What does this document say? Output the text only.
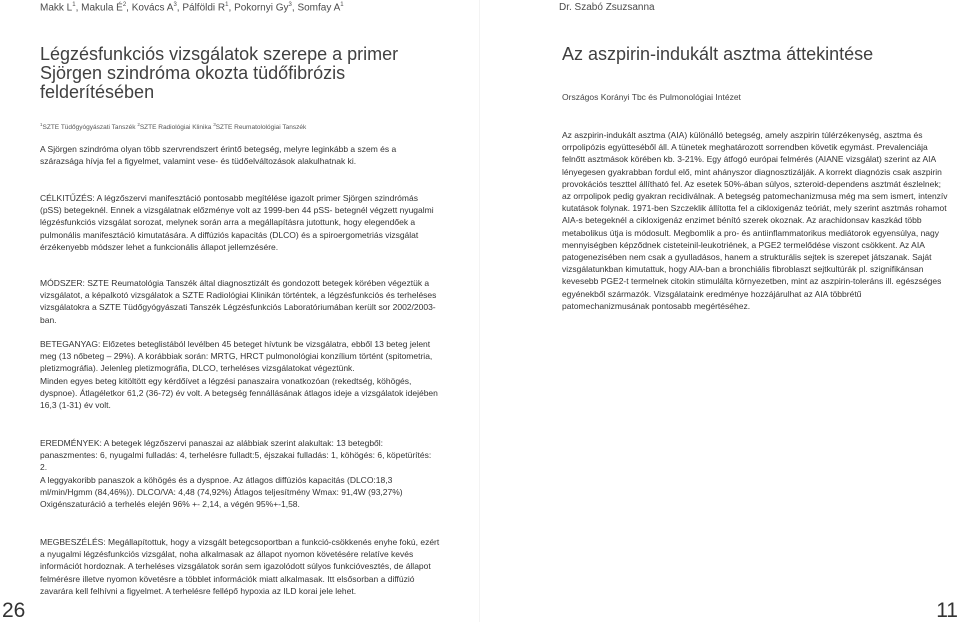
Makk $L^1$, Makula $É^2$, Kovács $A^3$, Pálföldi $R^1$, Pokornyi Gy$^3$, Somfay $A^1$
Légzésfunkciós vizsgálatok szerepe a primer Sjörgen szindróma okozta tüdőfibrózis felderítésében
$^1$SZTE Tüdőgyógyászati Tanszék $^2$SZTE Radiológiai Klinika $^3$SZTE Reumatolológiai Tanszék

A Sjörgen szindróma olyan több szervrendszert érintő betegség, melyre leginkább a szem és a szárazsága hívja fel a figyelmet, valamint vese- és tüdőelváltozások alakulhatnak ki.

CÉLKITŰZÉS: A légzőszervi manifesztáció pontosabb megítélése igazolt primer Sjörgen szindrómás (pSS) betegeknél. Ennek a vizsgálatnak előzménye volt az 1999-ben 44 pSS- betegnél végzett nyugalmi légzésfunkciós vizsgálat sorozat, melynek során arra a megállapításra jutottunk, hogy elegendőek a pulmonális manifesztáció kimutatására. A diffúziós kapacitás (DLCO) és a spiroergometriás vizsgálat érzékenyebb módszer lehet a funkcionális állapot jellemzésére.

MÓDSZER: SZTE Reumatológia Tanszék által diagnosztizált és gondozott betegek körében végeztük a vizsgálatot, a képalkotó vizsgálatok a SZTE Radiológiai Klinikán történtek, a légzésfunkciós és terheléses vizsgálatokra a SZTE Tüdőgyógyászati Tanszék Légzésfunkciós Laboratóriumában került sor 2002/2003-ban.

BETEGANYAG: Előzetes beteglistából levélben 45 beteget hívtunk be vizsgálatra, ebből 13 beteg jelent meg (13 nőbeteg – 29%). A korábbiak során: MRTG, HRCT pulmonológiai konzílium történt (spitometria, pletizmográfia). Jelenleg pletizmográfia, DLCO, terheléses vizsgálatokat végeztünk.
Minden egyes beteg kitöltött egy kérdőívet a légzési panaszaira vonatkozóan (rekedtség, köhögés, dyspnoe). Átlagéletkor 61,2 (36-72) év volt. A betegség fennállásának átlagos ideje a vizsgálatok idejében 16,3 (1-31) év volt.

EREDMÉNYEK: A betegek légzőszervi panaszai az alábbiak szerint alakultak: 13 betegből: panaszmentes: 6, nyugalmi fulladás: 4, terhelésre fulladt:5, éjszakai fulladás: 1, köhögés: 6, köpetürítés: 2.
A leggyakoribb panaszok a köhögés és a dyspnoe. Az átlagos diffúziós kapacitás (DLCO:18,3 ml/min/Hgmm (84,46%)). DLCO/VA: 4,48 (74,92%) Átlagos teljesítmény Wmax: 91,4W (93,27%)
Oxigénszaturáció a terhelés elején 96% +- 2,14, a végén 95%+-1,58.

MEGBESZÉLÉS: Megállapítottuk, hogy a vizsgált betegcsoportban a funkció-csökkenés enyhe fokú, ezért a nyugalmi légzésfunkciós vizsgálat, noha alkalmasak az állapot nyomon követésére relatíve kevés információt hordoznak. A terheléses vizsgálatok során sem igazolódott súlyos funkcióvesztés, de állapot felmérésre illetve nyomon követésre a többlet információk miatt alkalmasak. Itt elsősorban a diffúzió zavarára kell felhívni a figyelmet. A terhelésre fellépő hypoxia az ILD korai jele lehet.

26
Dr. Szabó Zsuzsanna
Az aszpirin-indukált asztma áttekintése
Országos Korányi Tbc és Pulmonológiai Intézet

Az aszpirin-indukált asztma (AIA) különálló betegség, amely aszpirin túlérzékenység, asztma és orrpolipózis együtteséből áll. A tünetek meghatározott sorrendben követik egymást. Prevalenciája felnőtt asztmások körében kb. 3-21%. Egy átfogó európai felmérés (AIANE vizsgálat) szerint az AIA lényegesen gyakrabban fordul elő, mint ahányszor diagnosztizálják. A korrekt diagnózis csak aszpirin provokációs teszttel állítható fel. Az esetek 50%-ában súlyos, szteroid-dependens asztmát észlelnek; az orrpolipok pedig gyakran recidiválnak. A betegség patomechanizmusa még ma sem ismert, intenzív kutatások folynak. 1971-ben Szczeklik állította fel a cikloxigenáz teóriát, mely szerint asztmás rohamot AIA-s betegeknél a cikloxigenáz enzimet bénító szerek okoznak. Az arachidonsav kaszkád több metabolikus útja is módosult. Megbomlik a pro- és antiinflammatorikus mediátorok egyensúlya, nagy mennyiségben képződnek cisteteinil-leukotriének, a PGE2 termelődése viszont csökkent. Az AIA patogenezisében nem csak a gyulladásos, hanem a strukturális sejtek is szerepet játszanak. Saját vizsgálatunkban kimutattuk, hogy AIA-ban a bronchiális fibroblaszt sejtkultúrák pl. szignifikánsan kevesebb PGE2-t termelnek citokin stimuláltа környezetben, mint az aszpirin-toleráns ill. egészséges egyénekből származók. Vizsgálataink eredménye hozzájárulhat az AIA többrétű patomechanizmusának pontosabb megértéséhez.

11
